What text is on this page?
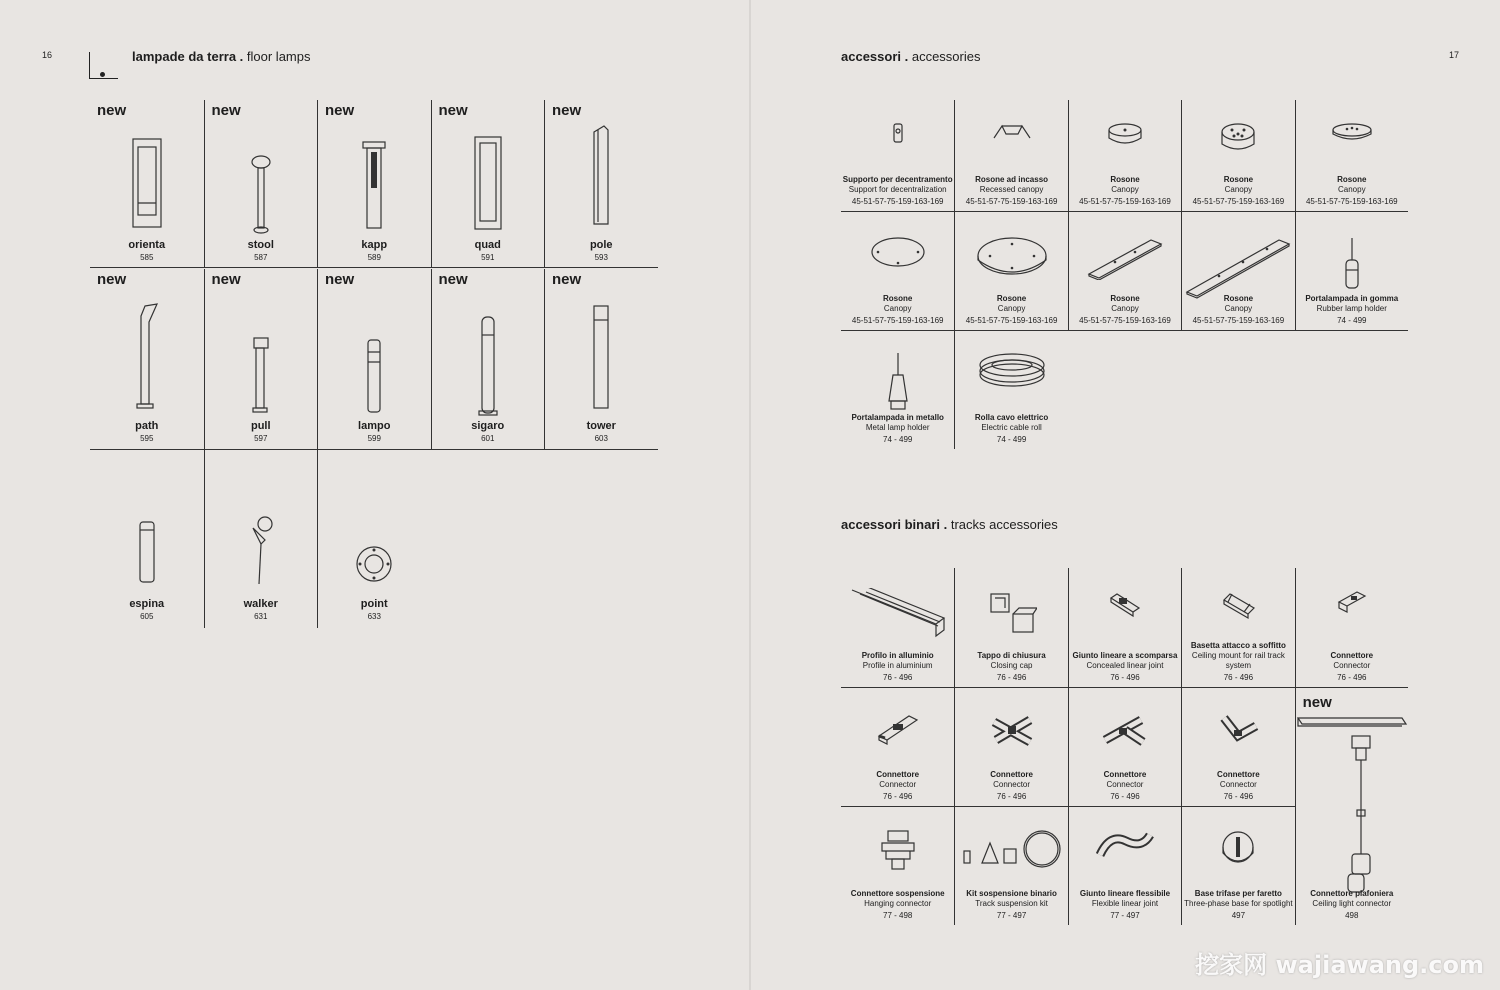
16	lampade da terra . floor lamps
new
orienta
585
new
stool
587
new
kapp
589
new
quad
591
new
pole
593
new
path
595
new
pull
597
new
lampo
599
new
sigaro
601
new
tower
603
espina
605
walker
631
point
633
17
accessori . accessories
Supporto per decentramento
Support for decentralization
45-51-57-75-159-163-169
Rosone ad incasso
Recessed canopy
45-51-57-75-159-163-169
Rosone
Canopy
45-51-57-75-159-163-169
Rosone
Canopy
45-51-57-75-159-163-169
Rosone
Canopy
45-51-57-75-159-163-169
Rosone
Canopy
45-51-57-75-159-163-169
Rosone
Canopy
45-51-57-75-159-163-169
Rosone
Canopy
45-51-57-75-159-163-169
Rosone
Canopy
45-51-57-75-159-163-169
Portalampada in gomma
Rubber lamp holder
74 - 499
Portalampada in metallo
Metal lamp holder
74 - 499
Rolla cavo elettrico
Electric cable roll
74 - 499
accessori binari . tracks accessories
Profilo in alluminio
Profile in aluminium
76 - 496
Tappo di chiusura
Closing cap
76 - 496
Giunto lineare a scomparsa
Concealed linear joint
76 - 496
Basetta attacco a soffitto
Ceiling mount for rail track system
76 - 496
Connettore
Connector
76 - 496
Connettore
Connector
76 - 496
Connettore
Connector
76 - 496
Connettore
Connector
76 - 496
Connettore
Connector
76 - 496
Connettore sospensione
Hanging connector
77 - 498
Kit sospensione binario
Track suspension kit
77 - 497
Giunto lineare flessibile
Flexible linear joint
77 - 497
Base trifase per faretto
Three-phase base for spotlight
497
new
Connettore plafoniera
Ceiling light connector
498
挖家网 wajiawang.com
